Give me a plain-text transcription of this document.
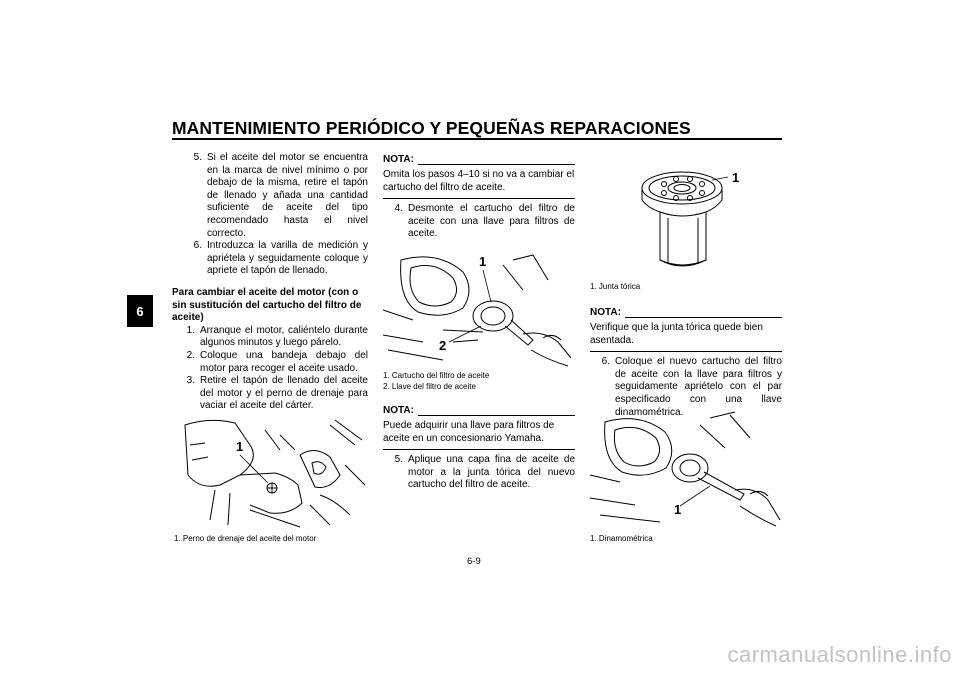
MANTENIMIENTO PERIÓDICO Y PEQUEÑAS REPARACIONES
6
5. Si el aceite del motor se encuentra en la marca de nivel mínimo o por debajo de la misma, retire el tapón de llenado y añada una cantidad suficiente de aceite del tipo recomendado hasta el nivel correcto.
6. Introduzca la varilla de medición y apriétela y seguidamente coloque y apriete el tapón de llenado.
Para cambiar el aceite del motor (con o sin sustitución del cartucho del filtro de aceite)
1. Arranque el motor, caliéntelo durante algunos minutos y luego párelo.
2. Coloque una bandeja debajo del motor para recoger el aceite usado.
3. Retire el tapón de llenado del aceite del motor y el perno de drenaje para vaciar el aceite del cárter.
1
1. Perno de drenaje del aceite del motor
NOTA:
Omita los pasos 4–10 si no va a cambiar el cartucho del filtro de aceite.
4. Desmonte el cartucho del filtro de aceite con una llave para filtros de aceite.
1
2
1. Cartucho del filtro de aceite
2. Llave del filtro de aceite
NOTA:
Puede adquirir una llave para filtros de aceite en un concesionario Yamaha.
5. Aplique una capa fina de aceite de motor a la junta tórica del nuevo cartucho del filtro de aceite.
1
1. Junta tórica
NOTA:
Verifique que la junta tórica quede bien asentada.
6. Coloque el nuevo cartucho del filtro de aceite con la llave para filtros y seguidamente apriételo con el par especificado con una llave dinamométrica.
1
1. Dinamométrica
6-9
carmanualsonline.info
